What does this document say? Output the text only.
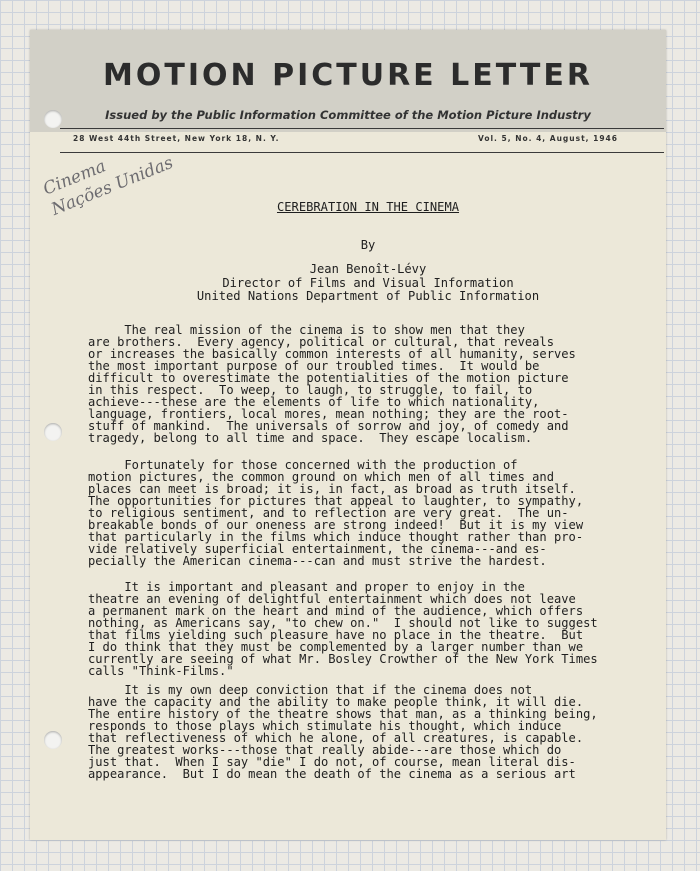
MOTION PICTURE LETTER
Issued by the Public Information Committee of the Motion Picture Industry
28 West 44th Street, New York 18, N. Y.	Vol. 5, No. 4, August, 1946
Cinema
Nações Unidas	CEREBRATION IN THE CINEMA
By
Jean Benoît-Lévy
Director of Films and Visual Information
United Nations Department of Public Information
The real mission of the cinema is to show men that they
are brothers.  Every agency, political or cultural, that reveals
or increases the basically common interests of all humanity, serves
the most important purpose of our troubled times.  It would be
difficult to overestimate the potentialities of the motion picture
in this respect.  To weep, to laugh, to struggle, to fail, to
achieve---these are the elements of life to which nationality,
language, frontiers, local mores, mean nothing; they are the root-
stuff of mankind.  The universals of sorrow and joy, of comedy and
tragedy, belong to all time and space.  They escape localism.
Fortunately for those concerned with the production of
motion pictures, the common ground on which men of all times and
places can meet is broad; it is, in fact, as broad as truth itself.
The opportunities for pictures that appeal to laughter, to sympathy,
to religious sentiment, and to reflection are very great.  The un-
breakable bonds of our oneness are strong indeed!  But it is my view
that particularly in the films which induce thought rather than pro-
vide relatively superficial entertainment, the cinema---and es-
pecially the American cinema---can and must strive the hardest.
It is important and pleasant and proper to enjoy in the
theatre an evening of delightful entertainment which does not leave
a permanent mark on the heart and mind of the audience, which offers
nothing, as Americans say, "to chew on."  I should not like to suggest
that films yielding such pleasure have no place in the theatre.  But
I do think that they must be complemented by a larger number than we
currently are seeing of what Mr. Bosley Crowther of the New York Times
calls "Think-Films."
It is my own deep conviction that if the cinema does not
have the capacity and the ability to make people think, it will die.
The entire history of the theatre shows that man, as a thinking being,
responds to those plays which stimulate his thought, which induce
that reflectiveness of which he alone, of all creatures, is capable.
The greatest works---those that really abide---are those which do
just that.  When I say "die" I do not, of course, mean literal dis-
appearance.  But I do mean the death of the cinema as a serious art
